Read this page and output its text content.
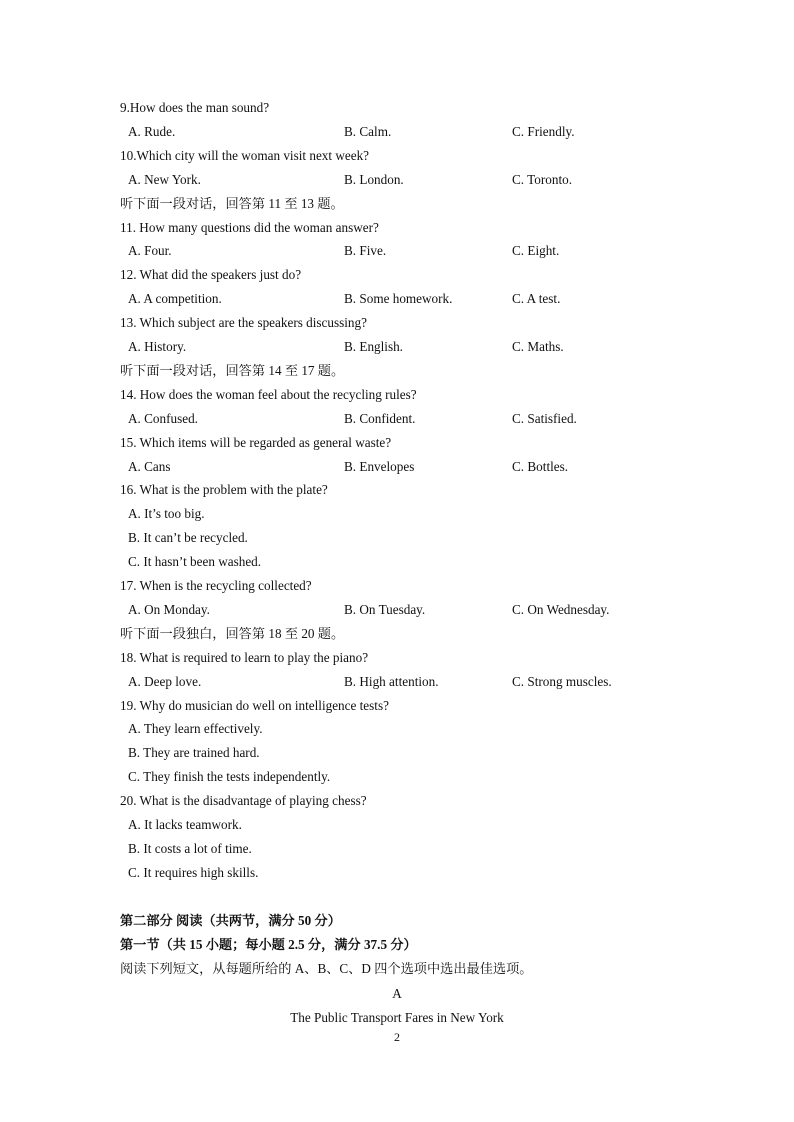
9.How does the man sound?
A. Rude.	B. Calm.	C. Friendly.
10.Which city will the woman visit next week?
A. New York.	B. London.	C. Toronto.
听下面一段对话，回答第 11 至 13 题。
11. How many questions did the woman answer?
A. Four.	B. Five.	C. Eight.
12. What did the speakers just do?
A. A competition.	B. Some homework.	C. A test.
13. Which subject are the speakers discussing?
A. History.	B. English.	C. Maths.
听下面一段对话，回答第 14 至 17 题。
14. How does the woman feel about the recycling rules?
A. Confused.	B. Confident.	C. Satisfied.
15. Which items will be regarded as general waste?
A. Cans	B. Envelopes	C. Bottles.
16. What is the problem with the plate?
A. It’s too big.
B. It can’t be recycled.
C. It hasn’t been washed.
17. When is the recycling collected?
A. On Monday.	B. On Tuesday.	C. On Wednesday.
听下面一段独白，回答第 18 至 20 题。
18. What is required to learn to play the piano?
A. Deep love.	B. High attention.	C. Strong muscles.
19. Why do musician do well on intelligence tests?
A. They learn effectively.
B. They are trained hard.
C. They finish the tests independently.
20. What is the disadvantage of playing chess?
A. It lacks teamwork.
B. It costs a lot of time.
C. It requires high skills.
第二部分 阅读（共两节，满分 50 分）
第一节（共 15 小题；每小题 2.5 分，满分 37.5 分）
阅读下列短文，从每题所给的 A、B、C、D 四个选项中选出最佳选项。
A
The Public Transport Fares in New York
2
